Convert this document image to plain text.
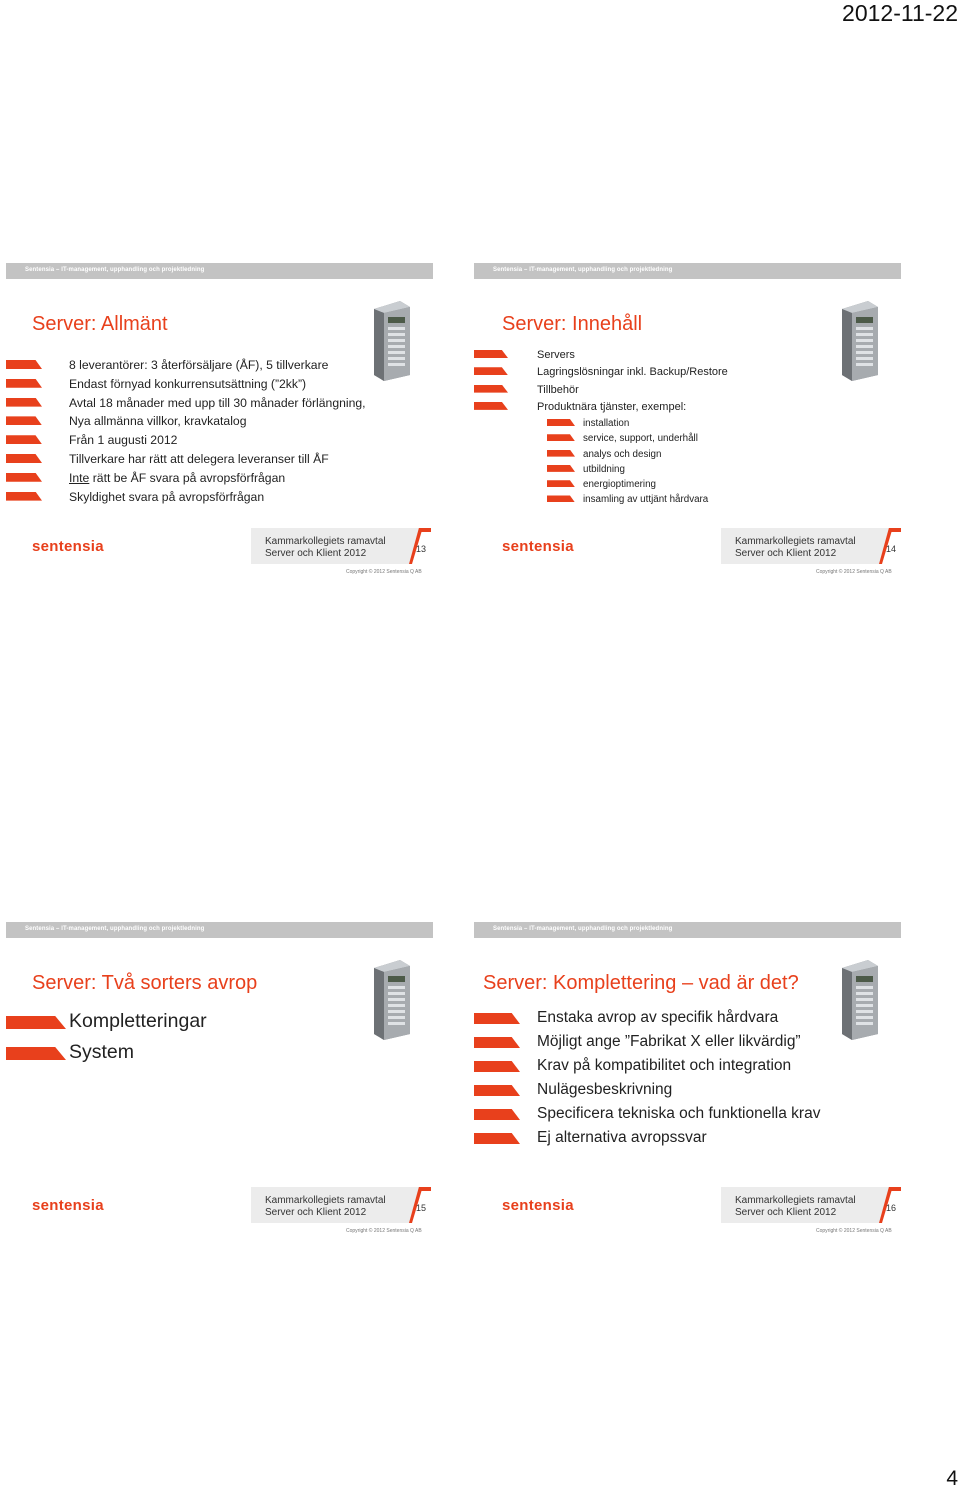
2012-11-22
Sentensia – IT-management, upphandling och projektledning
Server: Allmänt
8 leverantörer: 3 återförsäljare (ÅF), 5 tillverkare
Endast förnyad konkurrensutsättning (”2kk”)
Avtal 18 månader med upp till 30 månader förlängning,
Nya allmänna villkor, kravkatalog
Från 1 augusti 2012
Tillverkare har rätt att delegera leveranser till ÅF
Inte rätt be ÅF svara på avropsförfrågan
Skyldighet svara på avropsförfrågan
sentensia	Kammarkollegiets ramavtal
Server och Klient 2012	13
Copyright © 2012 Sentensia Q AB
Sentensia – IT-management, upphandling och projektledning
Server: Innehåll
Servers
Lagringslösningar inkl. Backup/Restore
Tillbehör
Produktnära tjänster, exempel:
installation
service, support, underhåll
analys och design
utbildning
energioptimering
insamling av uttjänt hårdvara
sentensia	Kammarkollegiets ramavtal
Server och Klient 2012	14
Copyright © 2012 Sentensia Q AB
Sentensia – IT-management, upphandling och projektledning
Server: Två sorters avrop
Kompletteringar
System
sentensia	Kammarkollegiets ramavtal
Server och Klient 2012	15
Copyright © 2012 Sentensia Q AB
Sentensia – IT-management, upphandling och projektledning
Server: Komplettering – vad är det?
Enstaka avrop av specifik hårdvara
Möjligt ange ”Fabrikat X eller likvärdig”
Krav på kompatibilitet och integration
Nulägesbeskrivning
Specificera tekniska och funktionella krav
Ej alternativa avropssvar
sentensia	Kammarkollegiets ramavtal
Server och Klient 2012	16
Copyright © 2012 Sentensia Q AB
4
